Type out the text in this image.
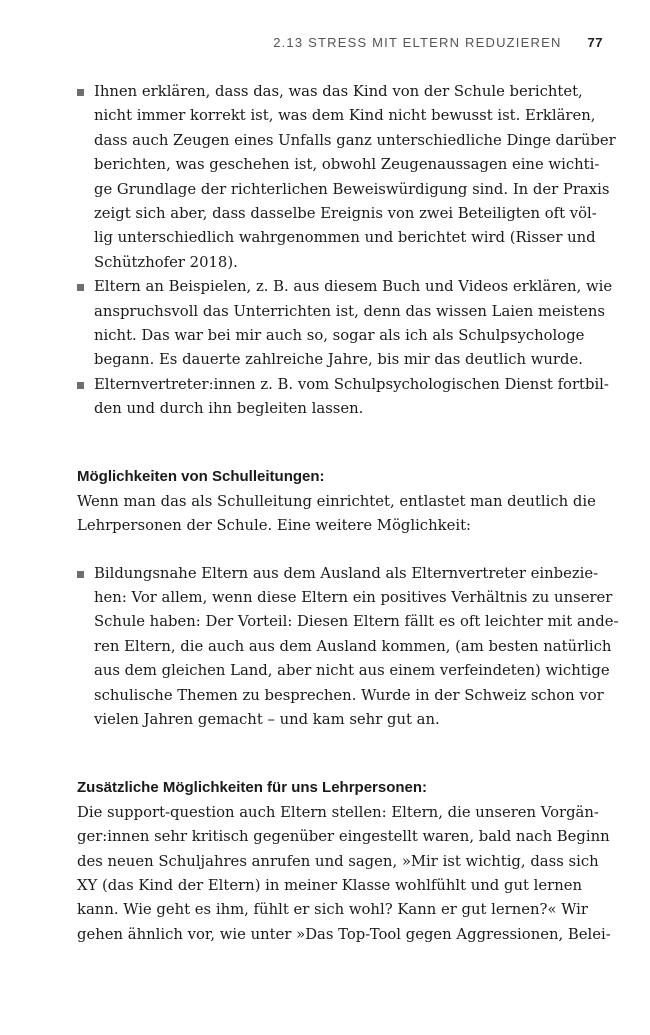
2.13 STRESS MIT ELTERN REDUZIEREN 77
Ihnen erklären, dass das, was das Kind von der Schule berichtet,
nicht immer korrekt ist, was dem Kind nicht bewusst ist. Erklären,
dass auch Zeugen eines Unfalls ganz unterschiedliche Dinge darüber
berichten, was geschehen ist, obwohl Zeugenaussagen eine wichti-
ge Grundlage der richterlichen Beweiswürdigung sind. In der Praxis
zeigt sich aber, dass dasselbe Ereignis von zwei Beteiligten oft völ-
lig unterschiedlich wahrgenommen und berichtet wird (Risser und
Schützhofer 2018).
Eltern an Beispielen, z. B. aus diesem Buch und Videos erklären, wie
anspruchsvoll das Unterrichten ist, denn das wissen Laien meistens
nicht. Das war bei mir auch so, sogar als ich als Schulpsychologe
begann. Es dauerte zahlreiche Jahre, bis mir das deutlich wurde.
Elternvertreter:innen z. B. vom Schulpsychologischen Dienst fortbil-
den und durch ihn begleiten lassen.
Möglichkeiten von Schulleitungen:
Wenn man das als Schulleitung einrichtet, entlastet man deutlich die
Lehrpersonen der Schule. Eine weitere Möglichkeit:
Bildungsnahe Eltern aus dem Ausland als Elternvertreter einbezie-
hen: Vor allem, wenn diese Eltern ein positives Verhältnis zu unserer
Schule haben: Der Vorteil: Diesen Eltern fällt es oft leichter mit ande-
ren Eltern, die auch aus dem Ausland kommen, (am besten natürlich
aus dem gleichen Land, aber nicht aus einem verfeindeten) wichtige
schulische Themen zu besprechen. Wurde in der Schweiz schon vor
vielen Jahren gemacht – und kam sehr gut an.
Zusätzliche Möglichkeiten für uns Lehrpersonen:
Die support-question auch Eltern stellen: Eltern, die unseren Vorgän-
ger:innen sehr kritisch gegenüber eingestellt waren, bald nach Beginn
des neuen Schuljahres anrufen und sagen, »Mir ist wichtig, dass sich
XY (das Kind der Eltern) in meiner Klasse wohlfühlt und gut lernen
kann. Wie geht es ihm, fühlt er sich wohl? Kann er gut lernen?« Wir
gehen ähnlich vor, wie unter »Das Top-Tool gegen Aggressionen, Belei-
